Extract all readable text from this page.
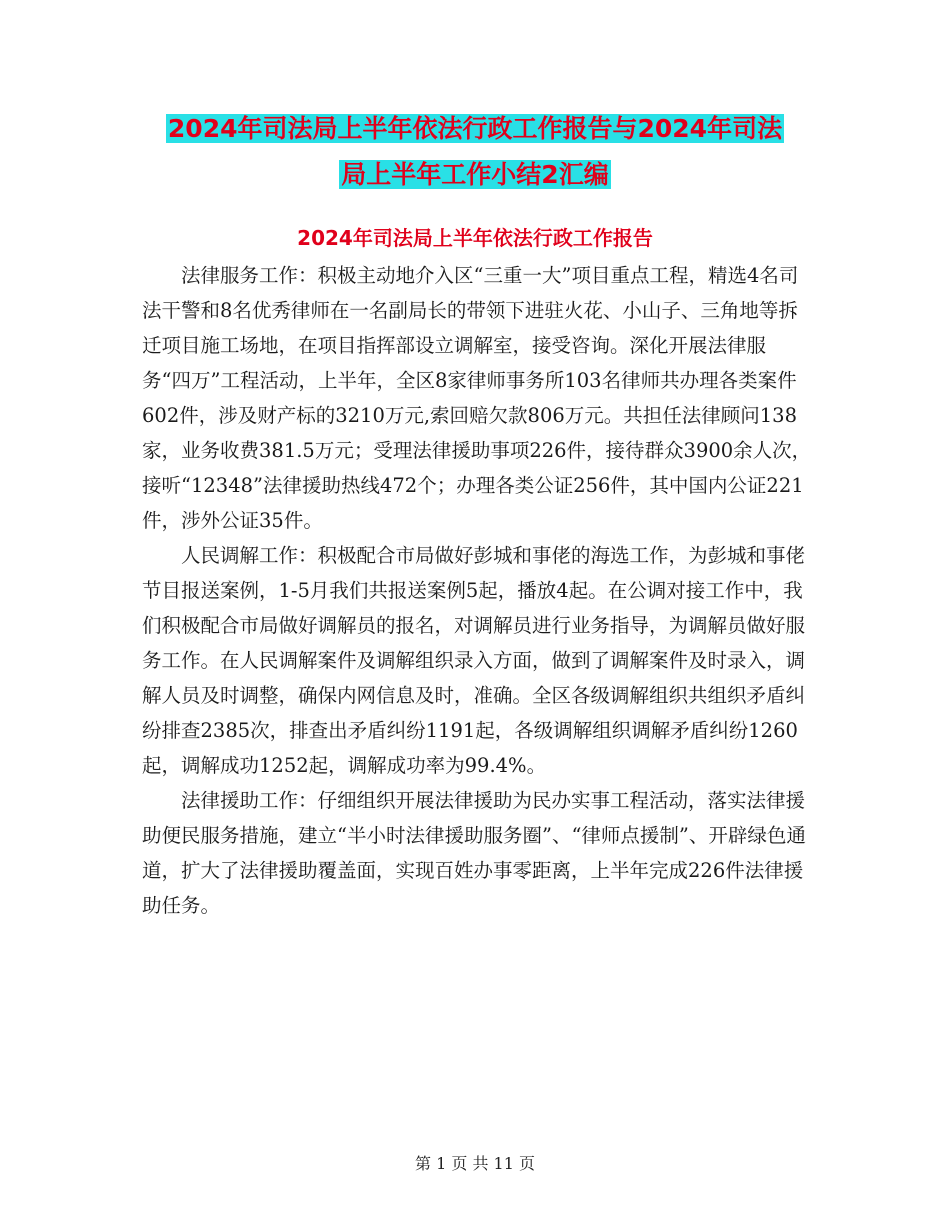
2024年司法局上半年依法行政工作报告与2024年司法
局上半年工作小结2汇编
2024年司法局上半年依法行政工作报告

法律服务工作：积极主动地介入区“三重一大”项目重点工程，精选4名司法干警和8名优秀律师在一名副局长的带领下进驻火花、小山子、三角地等拆迁项目施工场地，在项目指挥部设立调解室，接受咨询。深化开展法律服务“四万”工程活动，上半年，全区8家律师事务所103名律师共办理各类案件602件，涉及财产标的3210万元,索回赔欠款806万元。共担任法律顾问138家，业务收费381.5万元；受理法律援助事项226件，接待群众3900余人次，接听“12348”法律援助热线472个；办理各类公证256件，其中国内公证221件，涉外公证35件。

人民调解工作：积极配合市局做好彭城和事佬的海选工作，为彭城和事佬节目报送案例，1-5月我们共报送案例5起，播放4起。在公调对接工作中，我们积极配合市局做好调解员的报名，对调解员进行业务指导，为调解员做好服务工作。在人民调解案件及调解组织录入方面，做到了调解案件及时录入，调解人员及时调整，确保内网信息及时，准确。全区各级调解组织共组织矛盾纠纷排查2385次，排查出矛盾纠纷1191起，各级调解组织调解矛盾纠纷1260起，调解成功1252起，调解成功率为99.4%。

法律援助工作：仔细组织开展法律援助为民办实事工程活动，落实法律援助便民服务措施，建立“半小时法律援助服务圈”、“律师点援制”、开辟绿色通道，扩大了法律援助覆盖面，实现百姓办事零距离，上半年完成226件法律援助任务。

第 1 页 共 11 页
